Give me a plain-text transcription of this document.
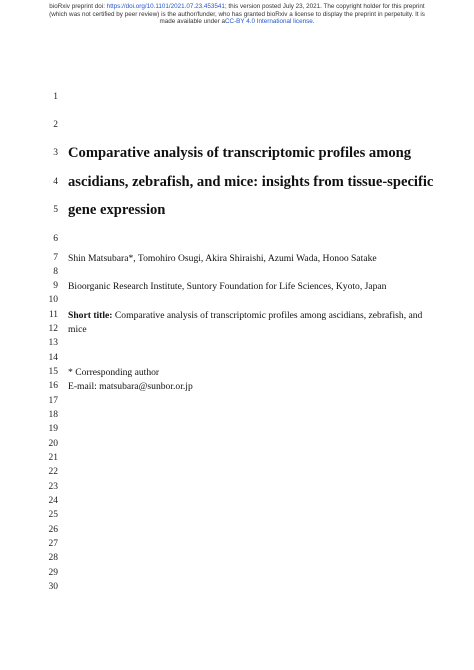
bioRxiv preprint doi: https://doi.org/10.1101/2021.07.23.453541; this version posted July 23, 2021. The copyright holder for this preprint
(which was not certified by peer review) is the author/funder, who has granted bioRxiv a license to display the preprint in perpetuity. It is
made available under aCC-BY 4.0 International license.
1
2
3
4
5
6
7
8
9
10
11
12
13
14
15
16
17
18
19
20
21
22
23
24
25
26
27
28
29
30
Comparative analysis of transcriptomic profiles among
ascidians, zebrafish, and mice: insights from tissue-specific
gene expression
Shin Matsubara*, Tomohiro Osugi, Akira Shiraishi, Azumi Wada, Honoo Satake
Bioorganic Research Institute, Suntory Foundation for Life Sciences, Kyoto, Japan
Short title: Comparative analysis of transcriptomic profiles among ascidians, zebrafish, and
mice
* Corresponding author
E-mail: matsubara@sunbor.or.jp
